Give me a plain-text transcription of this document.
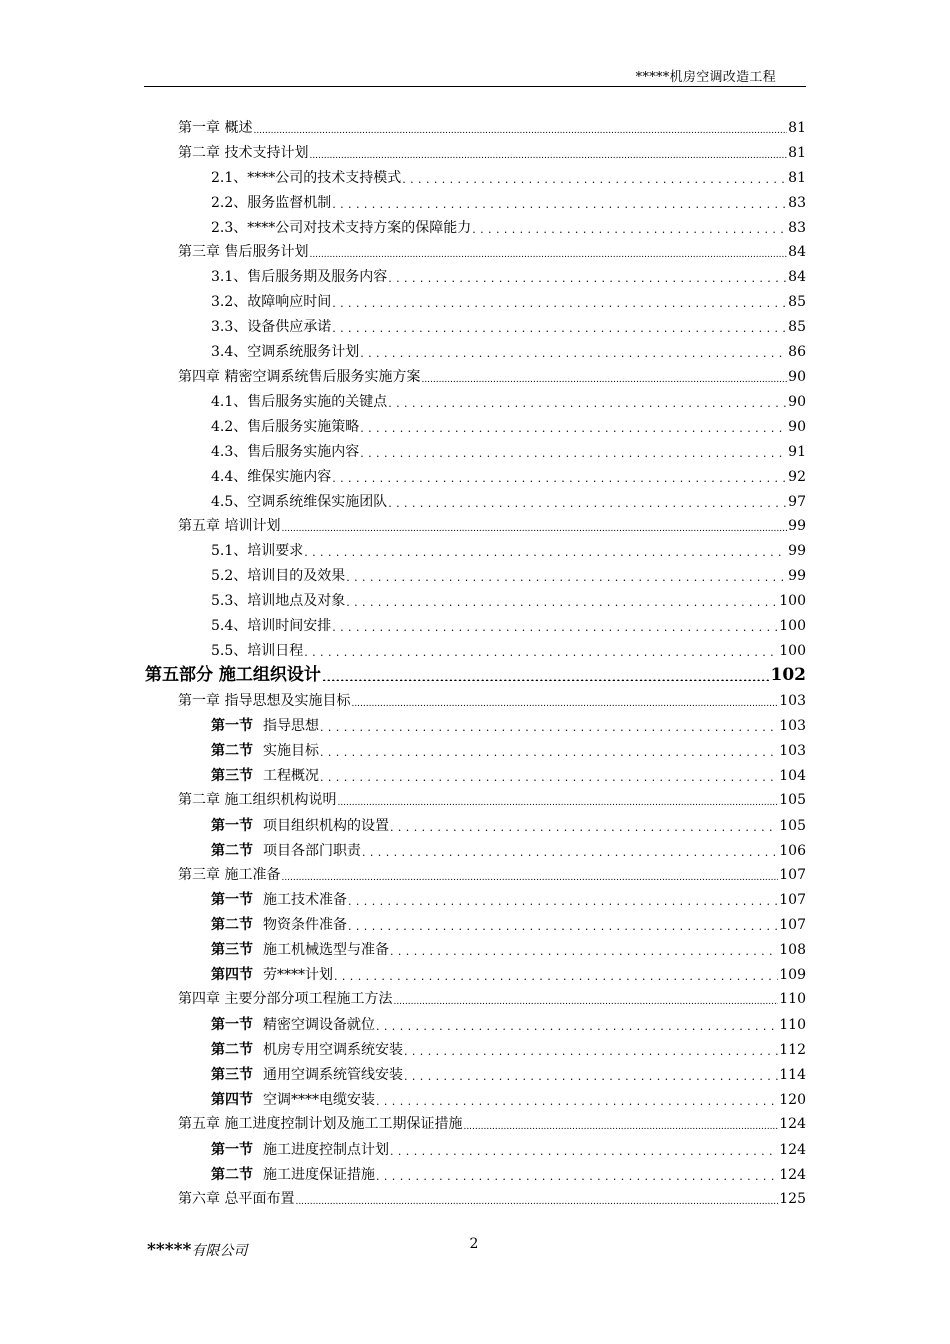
*****机房空调改造工程
第一章 概述 .....	81
第二章 技术支持计划 .....	81
2.1、****公司的技术支持模式 .....	81
2.2、服务监督机制 .....	83
2.3、****公司对技术支持方案的保障能力 .....	83
第三章 售后服务计划 .....	84
3.1、售后服务期及服务内容 .....	84
3.2、故障响应时间 .....	85
3.3、设备供应承诺 .....	85
3.4、空调系统服务计划 .....	86
第四章 精密空调系统售后服务实施方案 .....	90
4.1、售后服务实施的关键点 .....	90
4.2、售后服务实施策略 .....	90
4.3、售后服务实施内容 .....	91
4.4、维保实施内容 .....	92
4.5、空调系统维保实施团队 .....	97
第五章 培训计划 .....	99
5.1、培训要求 .....	99
5.2、培训目的及效果 .....	99
5.3、培训地点及对象 .....	100
5.4、培训时间安排 .....	100
5.5、培训日程 .....	100
第五部分 施工组织设计 .....	102
第一章 指导思想及实施目标 .....	103
第一节 指导思想 .....	103
第二节 实施目标 .....	103
第三节 工程概况 .....	104
第二章 施工组织机构说明 .....	105
第一节 项目组织机构的设置 .....	105
第二节 项目各部门职责 .....	106
第三章 施工准备 .....	107
第一节 施工技术准备 .....	107
第二节 物资条件准备 .....	107
第三节 施工机械选型与准备 .....	108
第四节 劳****计划 .....	109
第四章 主要分部分项工程施工方法 .....	110
第一节 精密空调设备就位 .....	110
第二节 机房专用空调系统安装 .....	112
第三节 通用空调系统管线安装 .....	114
第四节 空调****电缆安装 .....	120
第五章 施工进度控制计划及施工工期保证措施 .....	124
第一节 施工进度控制点计划 .....	124
第二节 施工进度保证措施 .....	124
第六章 总平面布置 .....	125
2
*****有限公司
